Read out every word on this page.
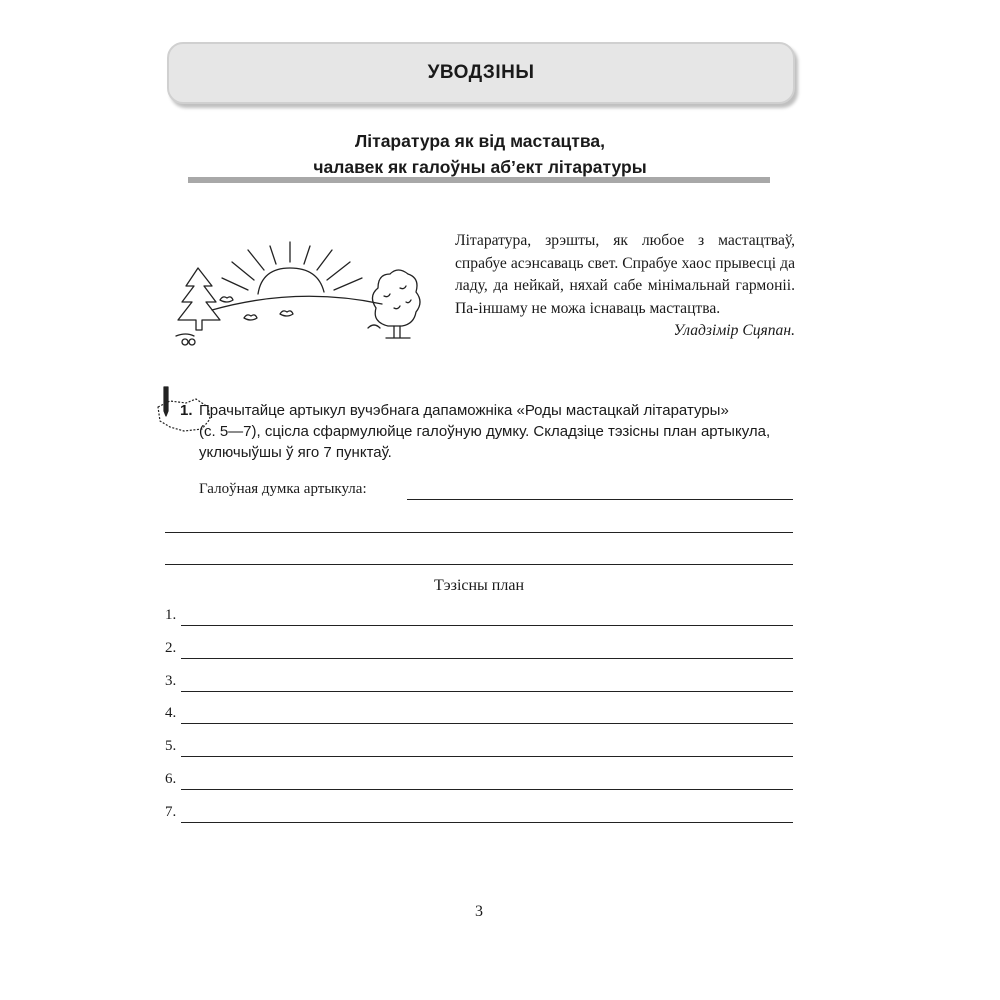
УВОДЗІНЫ
Літаратура як від мастацтва,
чалавек як галоўны аб’ект літаратуры

Літаратура, зрэшты, як любое з мастацтваў, спрабуе асэнсаваць свет. Спрабуе хаос прывесці да ладу, да нейкай, няхай сабе мінімальнай гармоніі. Па-іншаму не можа існаваць мастацтва.

Уладзімір Сцяпан.

1. Прачытайце артыкул вучэбнага дапаможніка «Роды мастацкай літаратуры»
(с. 5—7), сцісла сфармулюйце галоўную думку. Складзіце тэзісны план артыкула,
уключыўшы ў яго 7 пунктаў.
Галоўная думка артыкула:
Тэзісны план
1.
2.
3.
4.
5.
6.
7.
3
